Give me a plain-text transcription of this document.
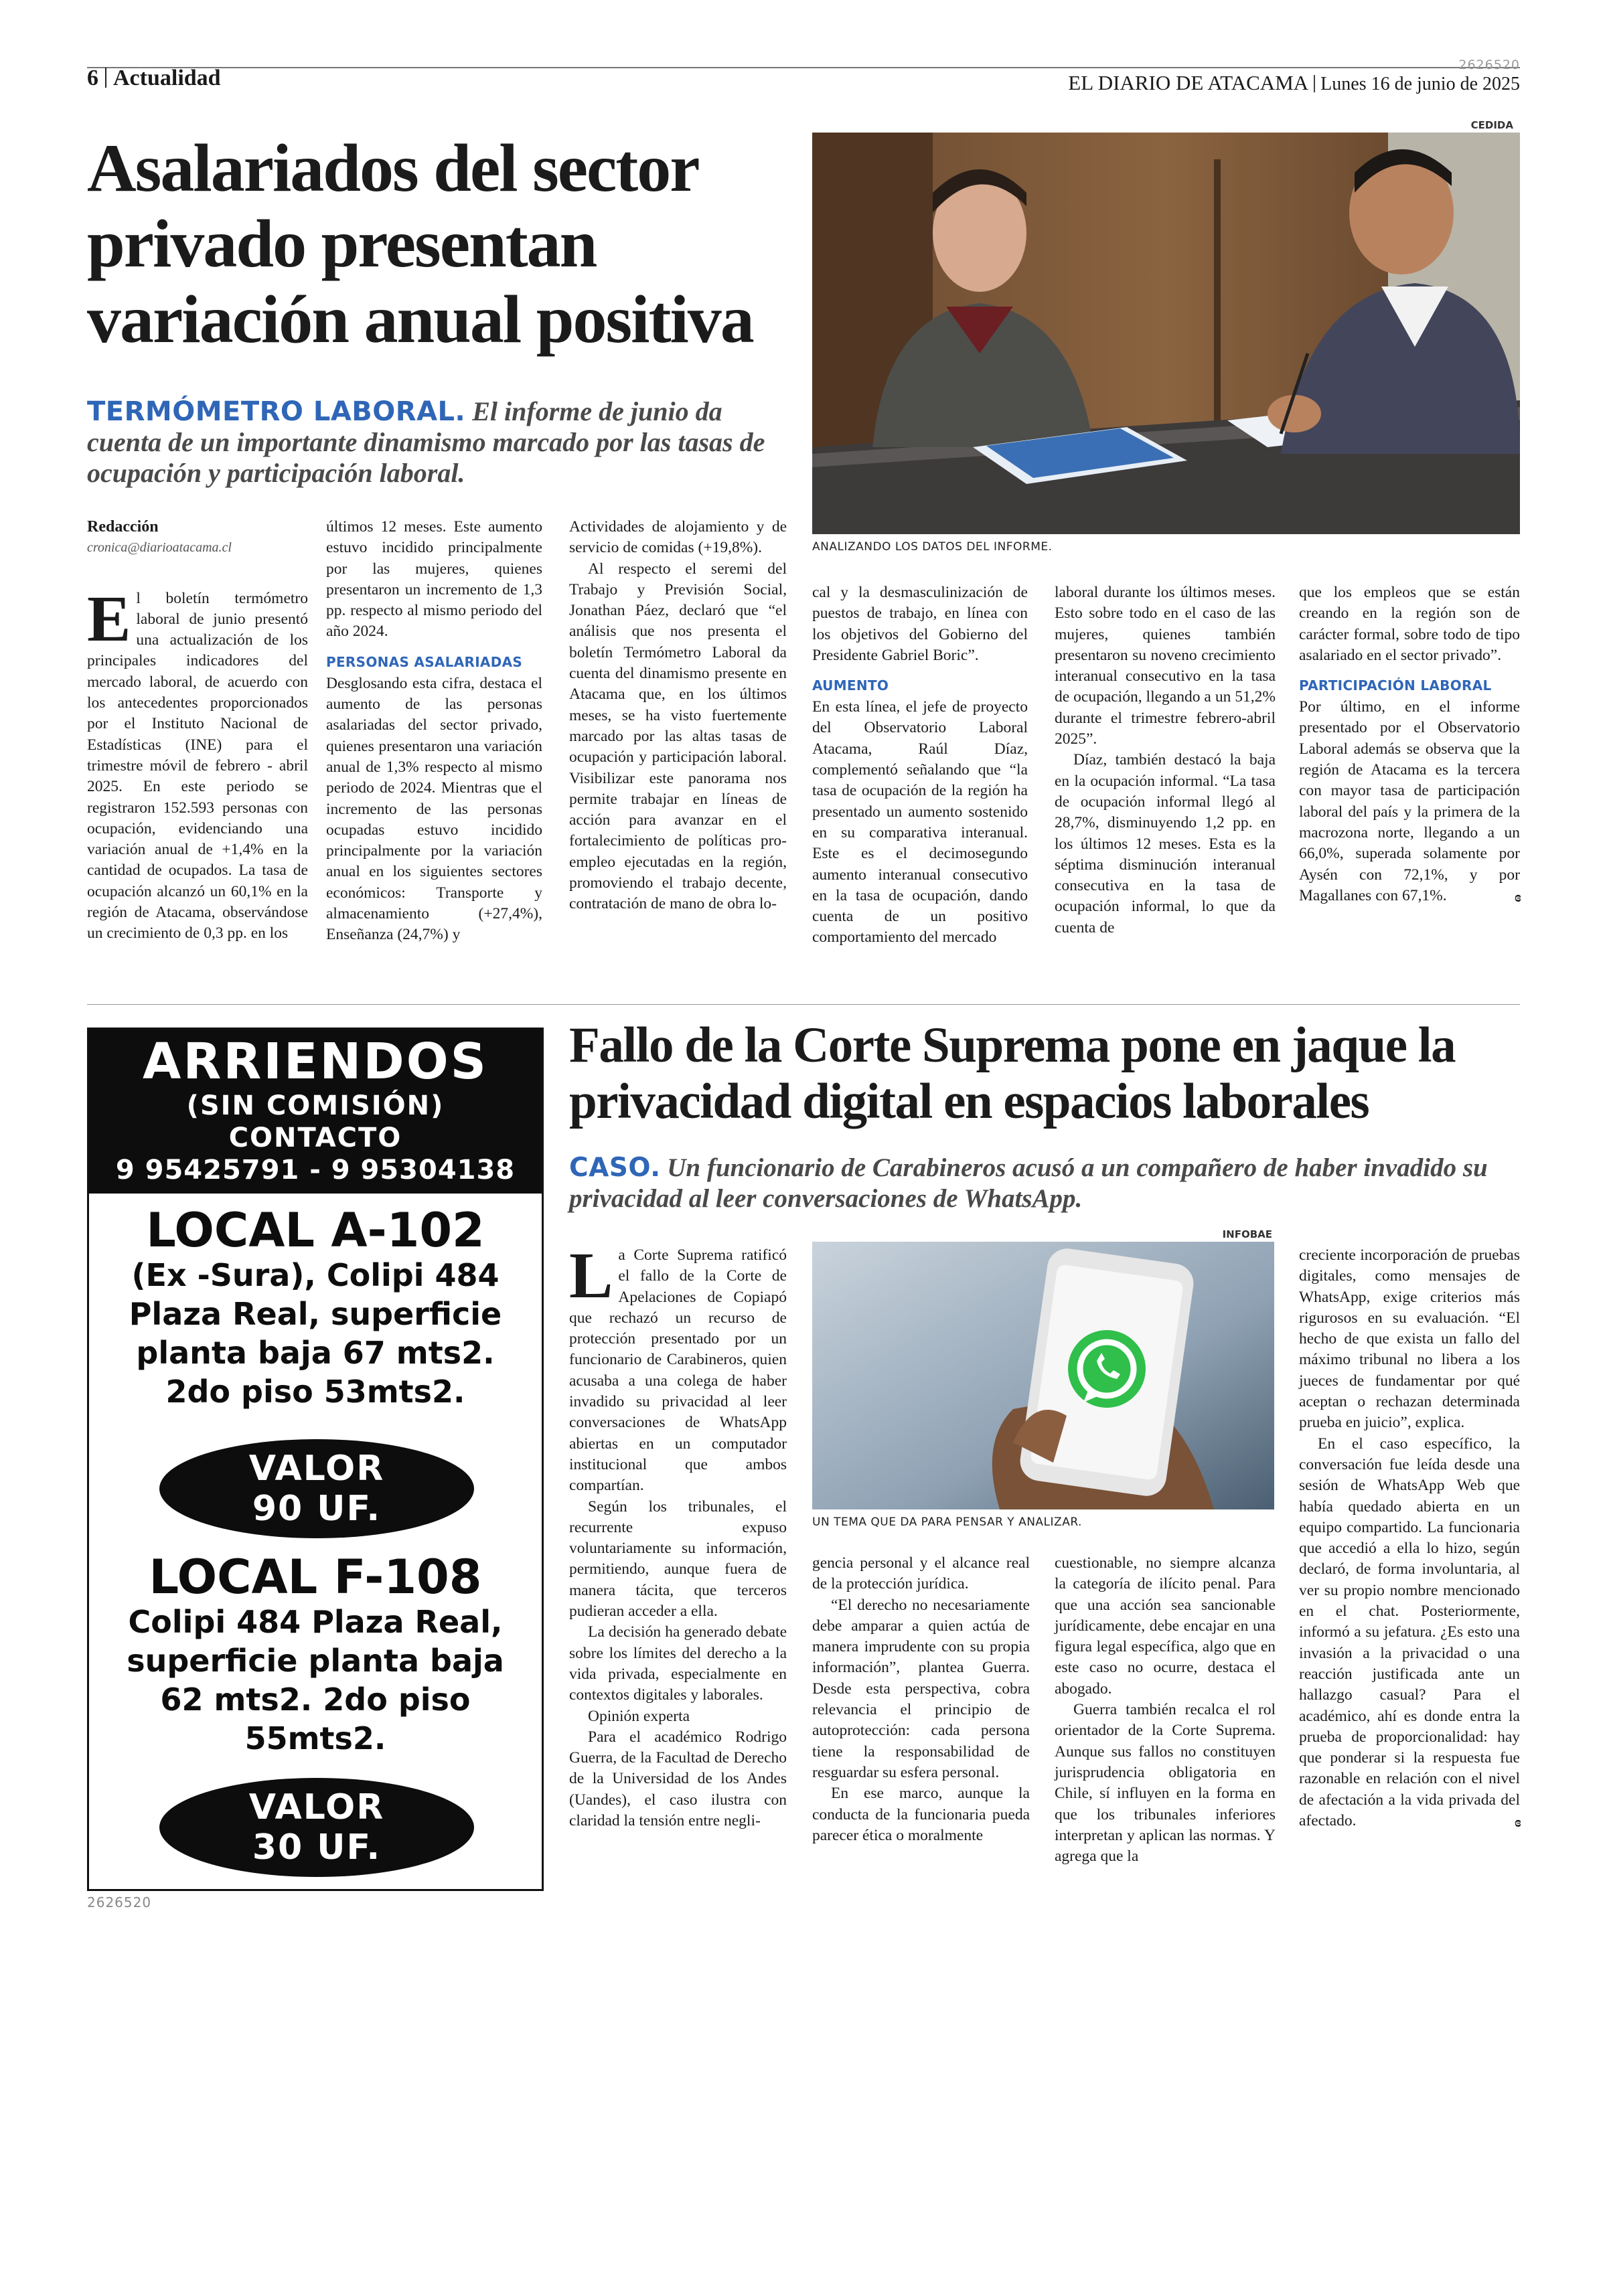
6 Actualidad
2626520
EL DIARIO DE ATACAMA Lunes 16 de junio de 2025
Asalariados del sector privado presentan variación anual positiva
TERMÓMETRO LABORAL. El informe de junio da cuenta de un importante dinamismo marcado por las tasas de ocupación y participación laboral.
CEDIDA
ANALIZANDO LOS DATOS DEL INFORME.
Redacción
cronica@diarioatacama.cl

El boletín termómetro laboral de junio presentó una actualización de los principales indicadores del mercado laboral, de acuerdo con los antecedentes proporcionados por el Instituto Nacional de Estadísticas (INE) para el trimestre móvil de febrero - abril 2025. En este periodo se registraron 152.593 personas con ocupación, evidenciando una variación anual de +1,4% en la cantidad de ocupados. La tasa de ocupación alcanzó un 60,1% en la región de Atacama, observándose un crecimiento de 0,3 pp. en los

últimos 12 meses. Este aumento estuvo incidido principalmente por las mujeres, quienes presentaron un incremento de 1,3 pp. respecto al mismo periodo del año 2024.

PERSONAS ASALARIADAS

Desglosando esta cifra, destaca el aumento de las personas asalariadas del sector privado, quienes presentaron una variación anual de 1,3% respecto al mismo periodo de 2024. Mientras que el incremento de las personas ocupadas estuvo incidido principalmente por la variación anual en los siguientes sectores económicos: Transporte y almacenamiento (+27,4%), Enseñanza (24,7%) y

Actividades de alojamiento y de servicio de comidas (+19,8%).

Al respecto el seremi del Trabajo y Previsión Social, Jonathan Páez, declaró que “el análisis que nos presenta el boletín Termómetro Laboral da cuenta del dinamismo presente en Atacama que, en los últimos meses, se ha visto fuertemente marcado por las altas tasas de ocupación y participación laboral. Visibilizar este panorama nos permite trabajar en líneas de acción para avanzar en el fortalecimiento de políticas pro-empleo ejecutadas en la región, promoviendo el trabajo decente, contratación de mano de obra lo-

cal y la desmasculinización de puestos de trabajo, en línea con los objetivos del Gobierno del Presidente Gabriel Boric”.

AUMENTO

En esta línea, el jefe de proyecto del Observatorio Laboral Atacama, Raúl Díaz, complementó señalando que “la tasa de ocupación de la región ha presentado un aumento sostenido en su comparativa interanual. Este es el decimosegundo aumento interanual consecutivo en la tasa de ocupación, dando cuenta de un positivo comportamiento del mercado

laboral durante los últimos meses. Esto sobre todo en el caso de las mujeres, quienes también presentaron su noveno crecimiento interanual consecutivo en la tasa de ocupación, llegando a un 51,2% durante el trimestre febrero-abril 2025”.

Díaz, también destacó la baja en la ocupación informal. “La tasa de ocupación informal llegó al 28,7%, disminuyendo 1,2 pp. en los últimos 12 meses. Esta es la séptima disminución interanual consecutiva en la tasa de ocupación informal, lo que da cuenta de

que los empleos que se están creando en la región son de carácter formal, sobre todo de tipo asalariado en el sector privado”.

PARTICIPACIÓN LABORAL

Por último, en el informe presentado por el Observatorio Laboral además se observa que la región de Atacama es la tercera con mayor tasa de participación laboral del país y la primera de la macrozona norte, llegando a un 66,0%, superada solamente por Aysén con 72,1%, y por Magallanes con 67,1%.	ɞ
ARRIENDOS
(SIN COMISIÓN)
CONTACTO
9 95425791 - 9 95304138
LOCAL A-102
(Ex -Sura), Colipi 484
Plaza Real, superficie
planta baja 67 mts2.
2do piso 53mts2.
VALOR
90 UF.
LOCAL F-108
Colipi 484 Plaza Real,
superficie planta baja
62 mts2. 2do piso
55mts2.
VALOR
30 UF.
2626520
Fallo de la Corte Suprema pone en jaque la privacidad digital en espacios laborales
CASO. Un funcionario de Carabineros acusó a un compañero de haber invadido su privacidad al leer conversaciones de WhatsApp.
INFOBAE
UN TEMA QUE DA PARA PENSAR Y ANALIZAR.

La Corte Suprema ratificó el fallo de la Corte de Apelaciones de Copiapó que rechazó un recurso de protección presentado por un funcionario de Carabineros, quien acusaba a una colega de haber invadido su privacidad al leer conversaciones de WhatsApp abiertas en un computador institucional que ambos compartían.

Según los tribunales, el recurrente expuso voluntariamente su información, permitiendo, aunque fuera de manera tácita, que terceros pudieran acceder a ella.

La decisión ha generado debate sobre los límites del derecho a la vida privada, especialmente en contextos digitales y laborales.

Opinión experta

Para el académico Rodrigo Guerra, de la Facultad de Derecho de la Universidad de los Andes (Uandes), el caso ilustra con claridad la tensión entre negli-

gencia personal y el alcance real de la protección jurídica.

“El derecho no necesariamente debe amparar a quien actúa de manera imprudente con su propia información”, plantea Guerra. Desde esta perspectiva, cobra relevancia el principio de autoprotección: cada persona tiene la responsabilidad de resguardar su esfera personal.

En ese marco, aunque la conducta de la funcionaria pueda parecer ética o moralmente

cuestionable, no siempre alcanza la categoría de ilícito penal. Para que una acción sea sancionable jurídicamente, debe encajar en una figura legal específica, algo que en este caso no ocurre, destaca el abogado.

Guerra también recalca el rol orientador de la Corte Suprema. Aunque sus fallos no constituyen jurisprudencia obligatoria en Chile, sí influyen en la forma en que los tribunales inferiores interpretan y aplican las normas. Y agrega que la

creciente incorporación de pruebas digitales, como mensajes de WhatsApp, exige criterios más rigurosos en su evaluación. “El hecho de que exista un fallo del máximo tribunal no libera a los jueces de fundamentar por qué aceptan o rechazan determinada prueba en juicio”, explica.

En el caso específico, la conversación fue leída desde una sesión de WhatsApp Web que había quedado abierta en un equipo compartido. La funcionaria que accedió a ella lo hizo, según declaró, de forma involuntaria, al ver su propio nombre mencionado en el chat. Posteriormente, informó a su jefatura. ¿Es esto una invasión a la privacidad o una reacción justificada ante un hallazgo casual? Para el académico, ahí es donde entra la prueba de proporcionalidad: hay que ponderar si la respuesta fue razonable en relación con el nivel de afectación a la vida privada del afectado.	ɞ
